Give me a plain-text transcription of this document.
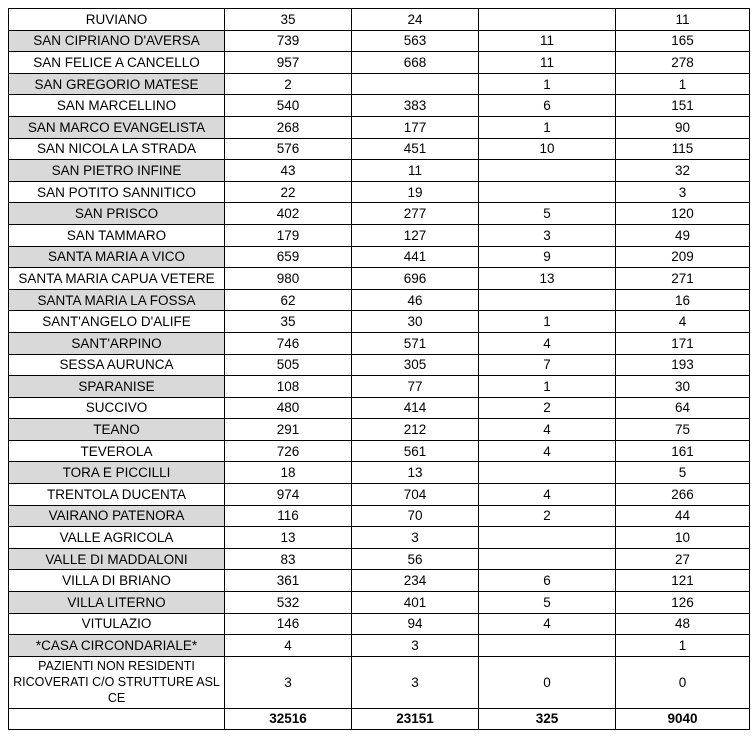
RUVIANO	35	24		11
SAN CIPRIANO D'AVERSA	739	563	11	165
SAN FELICE A CANCELLO	957	668	11	278
SAN GREGORIO MATESE	2		1	1
SAN MARCELLINO	540	383	6	151
SAN MARCO EVANGELISTA	268	177	1	90
SAN NICOLA LA STRADA	576	451	10	115
SAN PIETRO INFINE	43	11		32
SAN POTITO SANNITICO	22	19		3
SAN PRISCO	402	277	5	120
SAN TAMMARO	179	127	3	49
SANTA MARIA A VICO	659	441	9	209
SANTA MARIA CAPUA VETERE	980	696	13	271
SANTA MARIA LA FOSSA	62	46		16
SANT'ANGELO D'ALIFE	35	30	1	4
SANT'ARPINO	746	571	4	171
SESSA AURUNCA	505	305	7	193
SPARANISE	108	77	1	30
SUCCIVO	480	414	2	64
TEANO	291	212	4	75
TEVEROLA	726	561	4	161
TORA E PICCILLI	18	13		5
TRENTOLA DUCENTA	974	704	4	266
VAIRANO PATENORA	116	70	2	44
VALLE AGRICOLA	13	3		10
VALLE DI MADDALONI	83	56		27
VILLA DI BRIANO	361	234	6	121
VILLA LITERNO	532	401	5	126
VITULAZIO	146	94	4	48
*CASA CIRCONDARIALE*	4	3		1
PAZIENTI NON RESIDENTI RICOVERATI C/O STRUTTURE ASL CE	3	3	0	0
	32516	23151	325	9040
